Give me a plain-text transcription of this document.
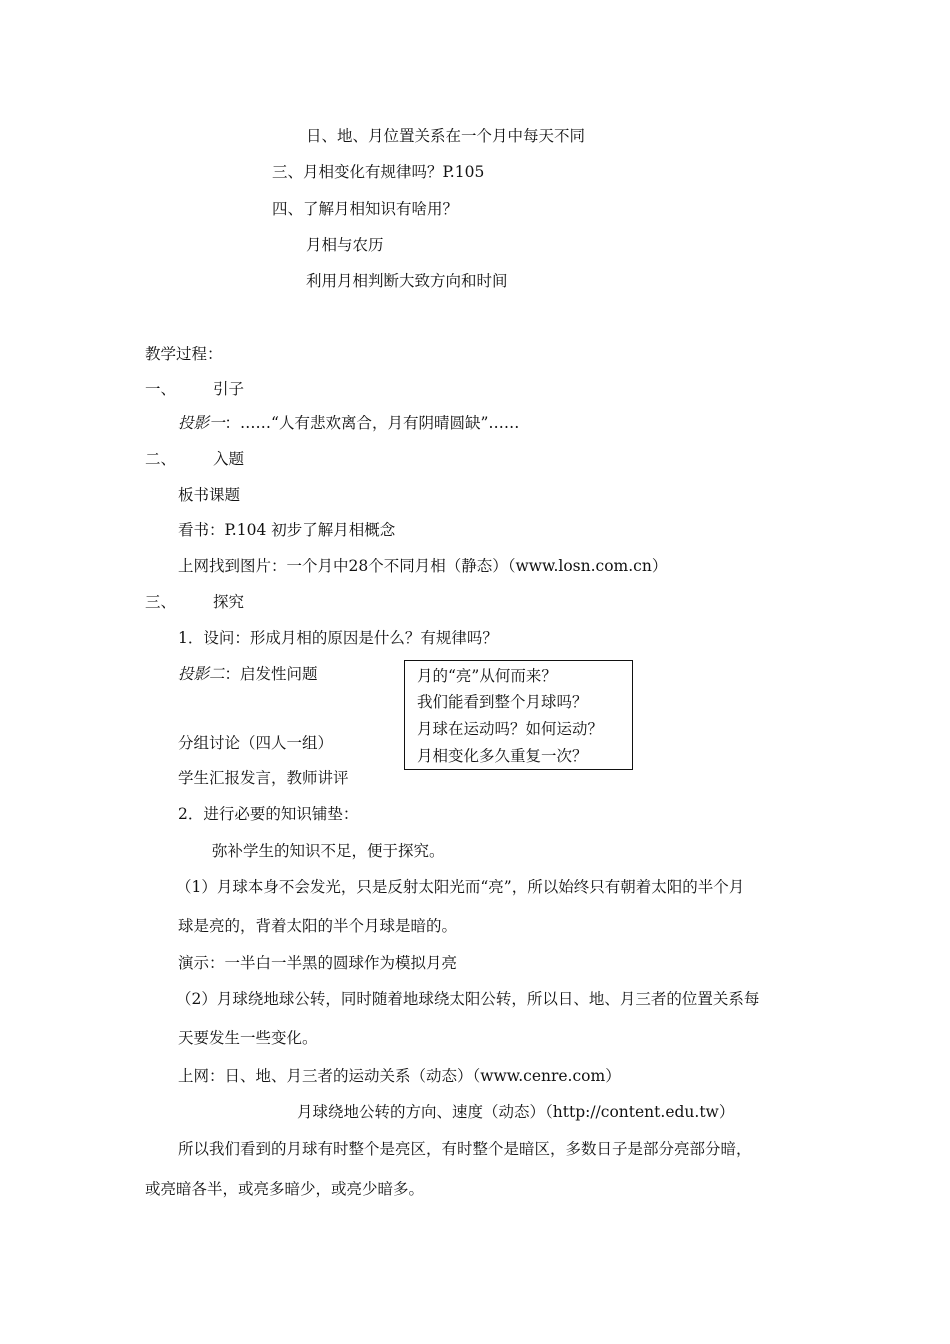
日、地、月位置关系在一个月中每天不同

三、月相变化有规律吗？P.105

四、了解月相知识有啥用？

月相与农历

利用月相判断大致方向和时间

教学过程：

一、 引子

投影一：……“人有悲欢离合，月有阴晴圆缺”……

二、 入题

板书课题

看书：P.104 初步了解月相概念

上网找到图片：一个月中28个不同月相（静态）（www.losn.com.cn）

三、 探究

1．设问：形成月相的原因是什么？有规律吗？

投影二：启发性问题	月的“亮”从何而来？

我们能看到整个月球吗？

月球在运动吗？如何运动？

月相变化多久重复一次？

分组讨论（四人一组）

学生汇报发言，教师讲评

2．进行必要的知识铺垫：

弥补学生的知识不足，便于探究。

（1）月球本身不会发光，只是反射太阳光而“亮”，所以始终只有朝着太阳的半个月

球是亮的，背着太阳的半个月球是暗的。

演示：一半白一半黑的圆球作为模拟月亮

（2）月球绕地球公转，同时随着地球绕太阳公转，所以日、地、月三者的位置关系每

天要发生一些变化。

上网：日、地、月三者的运动关系（动态）（www.cenre.com）

月球绕地公转的方向、速度（动态）（http://content.edu.tw）

所以我们看到的月球有时整个是亮区，有时整个是暗区，多数日子是部分亮部分暗，

或亮暗各半，或亮多暗少，或亮少暗多。
